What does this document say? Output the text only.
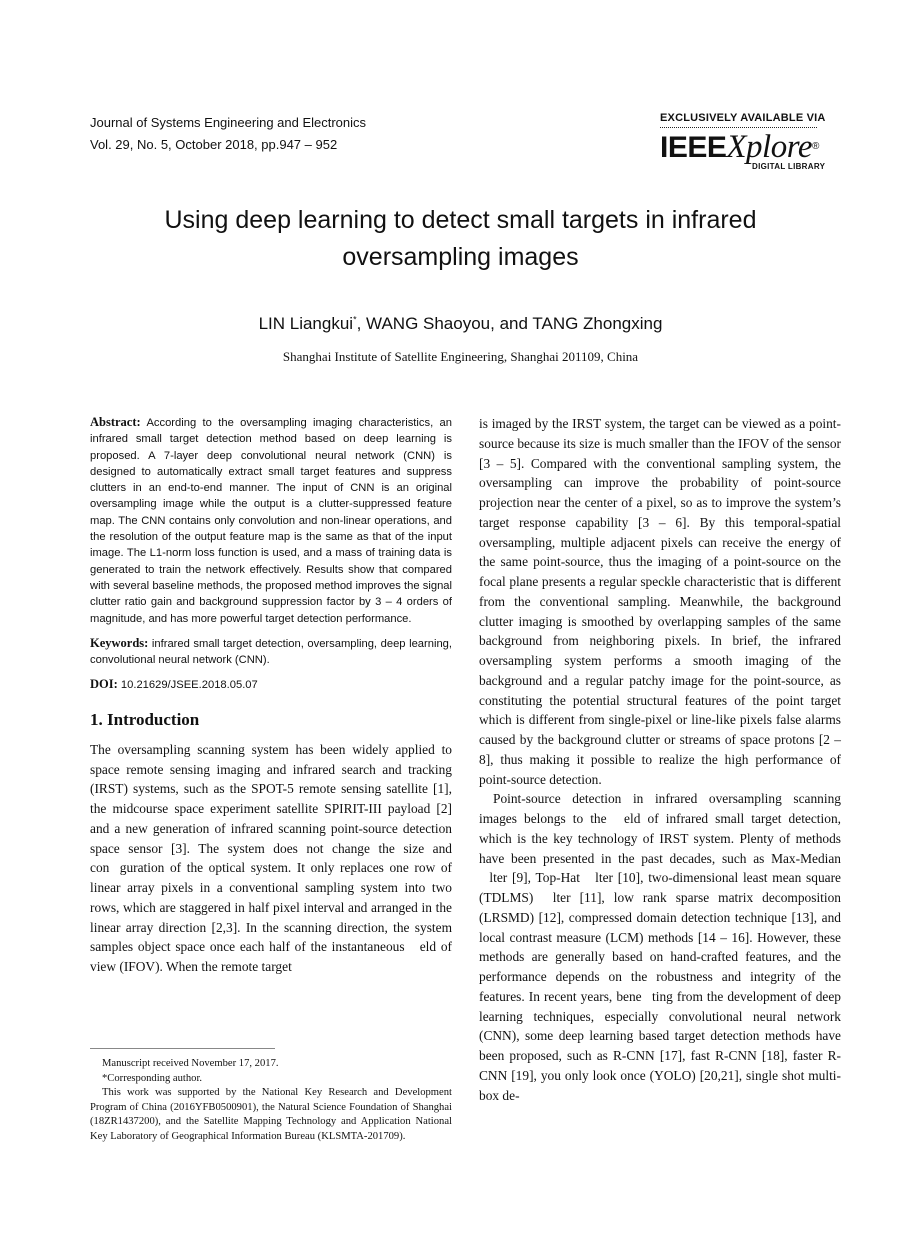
Journal of Systems Engineering and Electronics
Vol. 29, No. 5, October 2018, pp.947 – 952
EXCLUSIVELY AVAILABLE VIA
IEEEXplore®
DIGITAL LIBRARY
Using deep learning to detect small targets in infrared
oversampling images
LIN Liangkui*, WANG Shaoyou, and TANG Zhongxing
Shanghai Institute of Satellite Engineering, Shanghai 201109, China

Abstract: According to the oversampling imaging characteristics, an infrared small target detection method based on deep learning is proposed. A 7-layer deep convolutional neural network (CNN) is designed to automatically extract small target features and suppress clutters in an end-to-end manner. The input of CNN is an original oversampling image while the output is a clutter-suppressed feature map. The CNN contains only convolution and non-linear operations, and the resolution of the output feature map is the same as that of the input image. The L1-norm loss function is used, and a mass of training data is generated to train the network effectively. Results show that compared with several baseline methods, the proposed method improves the signal clutter ratio gain and background suppression factor by 3 – 4 orders of magnitude, and has more powerful target detection performance.

Keywords: infrared small target detection, oversampling, deep learning, convolutional neural network (CNN).

DOI: 10.21629/JSEE.2018.05.07

1. Introduction

The oversampling scanning system has been widely applied to space remote sensing imaging and infrared search and tracking (IRST) systems, such as the SPOT-5 remote sensing satellite [1], the midcourse space experiment satellite SPIRIT-III payload [2] and a new generation of infrared scanning point-source detection space sensor [3]. The system does not change the size and con guration of the optical system. It only replaces one row of linear array pixels in a conventional sampling system into two rows, which are staggered in half pixel interval and arranged in the linear array direction [2,3]. In the scanning direction, the system samples object space once each half of the instantaneous  eld of view (IFOV). When the remote target

Manuscript received November 17, 2017.

*Corresponding author.

This work was supported by the National Key Research and Development Program of China (2016YFB0500901), the Natural Science Foundation of Shanghai (18ZR1437200), and the Satellite Mapping Technology and Application National Key Laboratory of Geographical Information Bureau (KLSMTA-201709).

is imaged by the IRST system, the target can be viewed as a point-source because its size is much smaller than the IFOV of the sensor [3 – 5]. Compared with the conventional sampling system, the oversampling can improve the probability of point-source projection near the center of a pixel, so as to improve the system’s target response capability [3 – 6]. By this temporal-spatial oversampling, multiple adjacent pixels can receive the energy of the same point-source, thus the imaging of a point-source on the focal plane presents a regular speckle characteristic that is different from the conventional sampling. Meanwhile, the background clutter imaging is smoothed by overlapping samples of the same background from neighboring pixels. In brief, the infrared oversampling system performs a smooth imaging of the background and a regular patchy image for the point-source, as constituting the potential structural features of the point target which is different from single-pixel or line-like pixels false alarms caused by the background clutter or streams of space protons [2 – 8], thus making it possible to realize the high performance of point-source detection.

Point-source detection in infrared oversampling scanning images belongs to the  eld of infrared small target detection, which is the key technology of IRST system. Plenty of methods have been presented in the past decades, such as Max-Median  lter [9], Top-Hat  lter [10], two-dimensional least mean square (TDLMS)  lter [11], low rank sparse matrix decomposition (LRSMD) [12], compressed domain detection technique [13], and local contrast measure (LCM) methods [14 – 16]. However, these methods are generally based on hand-crafted features, and the performance depends on the robustness and integrity of the features. In recent years, bene ting from the development of deep learning techniques, especially convolutional neural network (CNN), some deep learning based target detection methods have been proposed, such as R-CNN [17], fast R-CNN [18], faster R-CNN [19], you only look once (YOLO) [20,21], single shot multi-box de-
